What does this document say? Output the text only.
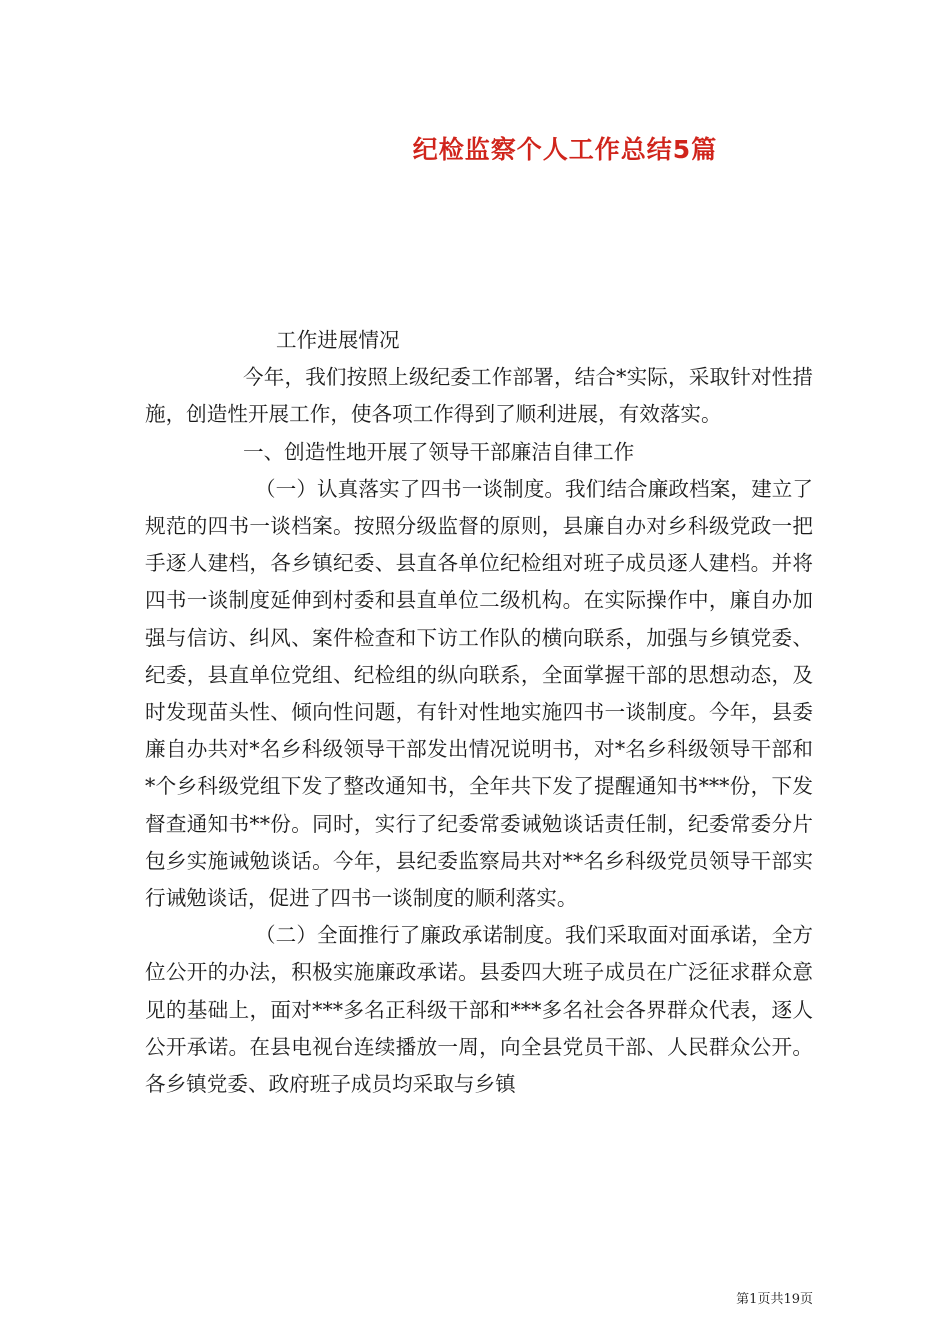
纪检监察个人工作总结5篇

工作进展情况

今年，我们按照上级纪委工作部署，结合*实际，采取针对性措施，创造性开展工作，使各项工作得到了顺利进展，有效落实。

一、创造性地开展了领导干部廉洁自律工作

（一）认真落实了四书一谈制度。我们结合廉政档案，建立了规范的四书一谈档案。按照分级监督的原则，县廉自办对乡科级党政一把手逐人建档，各乡镇纪委、县直各单位纪检组对班子成员逐人建档。并将四书一谈制度延伸到村委和县直单位二级机构。在实际操作中，廉自办加强与信访、纠风、案件检查和下访工作队的横向联系，加强与乡镇党委、纪委，县直单位党组、纪检组的纵向联系，全面掌握干部的思想动态，及时发现苗头性、倾向性问题，有针对性地实施四书一谈制度。今年，县委廉自办共对*名乡科级领导干部发出情况说明书，对*名乡科级领导干部和*个乡科级党组下发了整改通知书，全年共下发了提醒通知书***份，下发督查通知书**份。同时，实行了纪委常委诫勉谈话责任制，纪委常委分片包乡实施诫勉谈话。今年，县纪委监察局共对**名乡科级党员领导干部实行诫勉谈话，促进了四书一谈制度的顺利落实。

（二）全面推行了廉政承诺制度。我们采取面对面承诺，全方位公开的办法，积极实施廉政承诺。县委四大班子成员在广泛征求群众意见的基础上，面对***多名正科级干部和***多名社会各界群众代表，逐人公开承诺。在县电视台连续播放一周，向全县党员干部、人民群众公开。各乡镇党委、政府班子成员均采取与乡镇

第1页共19页
